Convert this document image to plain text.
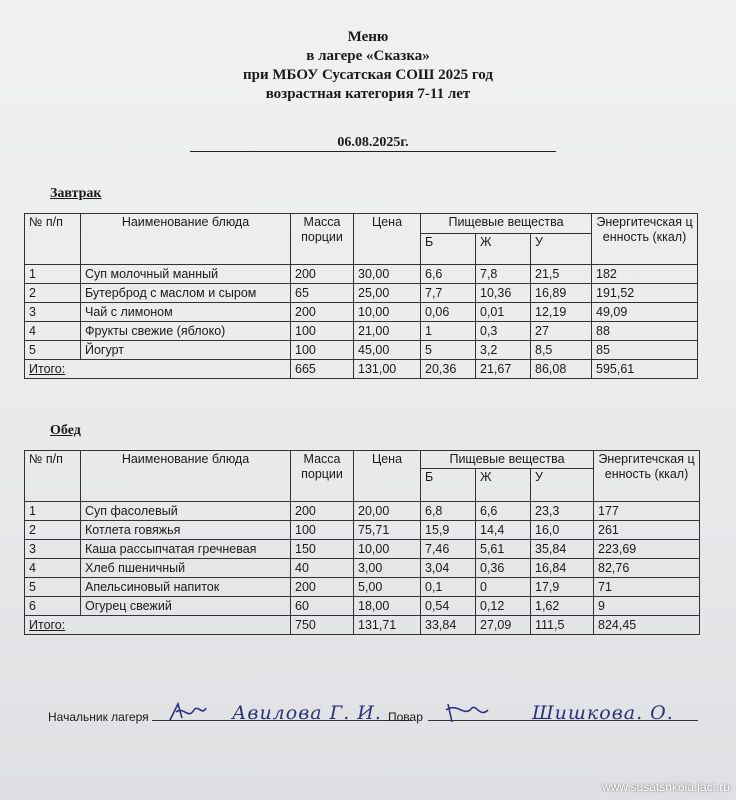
Меню
в лагере «Сказка»
при МБОУ Сусатская СОШ 2025 год
возрастная категория 7-11 лет
06.08.2025г.
Завтрак
№ п/п	Наименование блюда	Масса порции	Цена	Пищевые вещества			Энергитечская ценность (ккал)
				Б	Ж	У	
1	Суп молочный манный	200	30,00	6,6	7,8	21,5	182
2	Бутерброд с маслом и сыром	65	25,00	7,7	10,36	16,89	191,52
3	Чай с лимоном	200	10,00	0,06	0,01	12,19	49,09
4	Фрукты свежие (яблоко)	100	21,00	1	0,3	27	88
5	Йогурт	100	45,00	5	3,2	8,5	85
Итого:		665	131,00	20,36	21,67	86,08	595,61
Обед
№ п/п	Наименование блюда	Масса порции	Цена	Пищевые вещества			Энергитечская ценность (ккал)
				Б	Ж	У	
1	Суп фасолевый	200	20,00	6,8	6,6	23,3	177
2	Котлета говяжья	100	75,71	15,9	14,4	16,0	261
3	Каша рассыпчатая гречневая	150	10,00	7,46	5,61	35,84	223,69
4	Хлеб пшеничный	40	3,00	3,04	0,36	16,84	82,76
5	Апельсиновый напиток	200	5,00	0,1	0	17,9	71
6	Огурец свежий	60	18,00	0,54	0,12	1,62	9
Итого:		750	131,71	33,84	27,09	111,5	824,45
Начальник лагеря	Авилова Г. И. Повар	Шишкова. О.
www.susatshkola.lact.ru
